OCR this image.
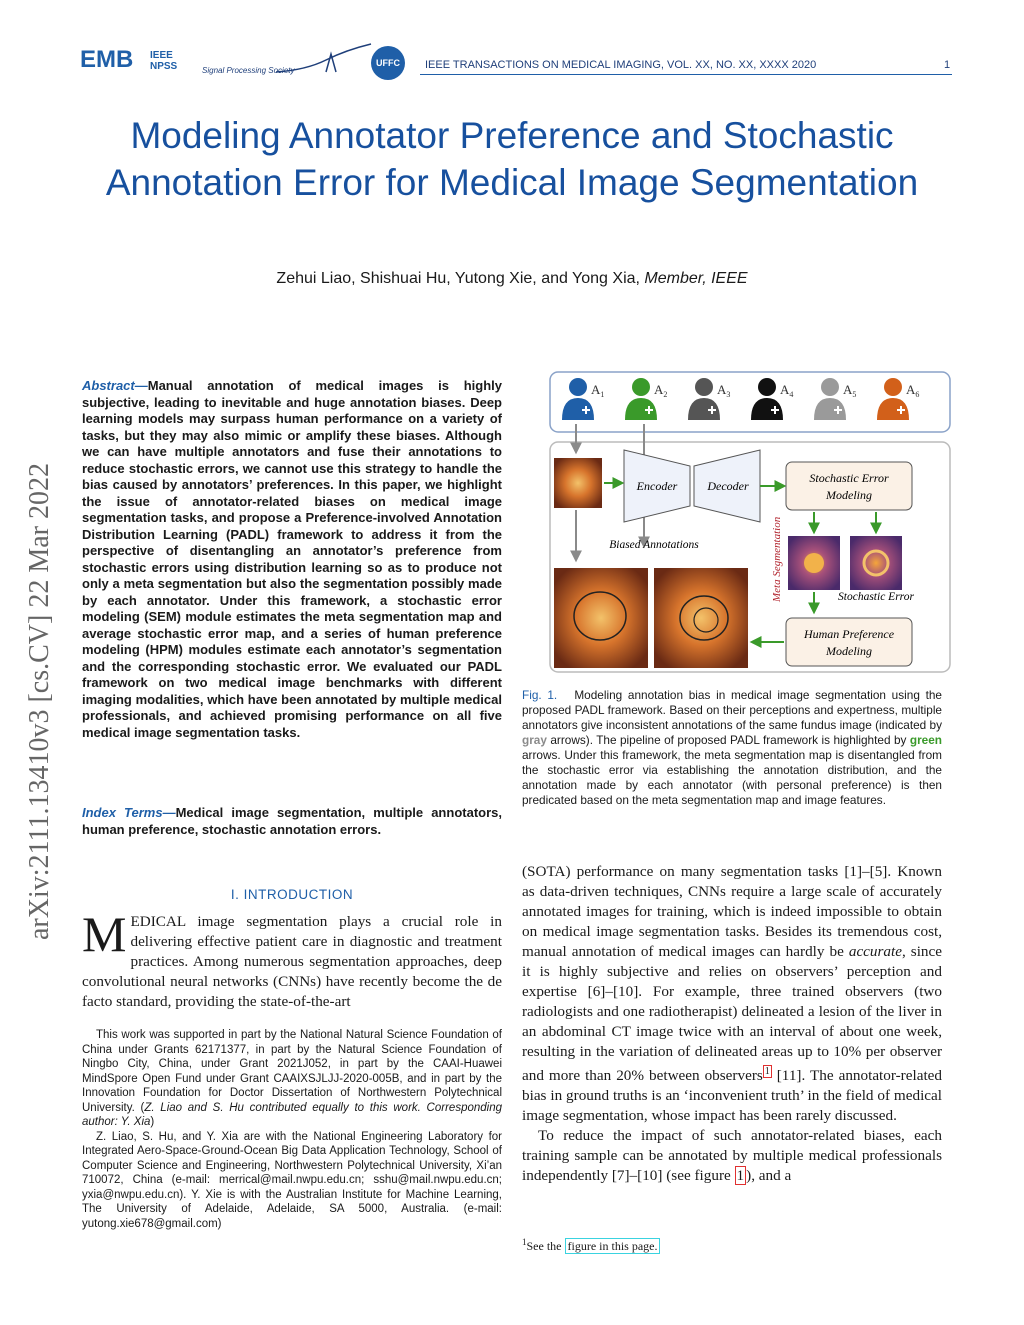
EMB IEEE NPSS	Signal Processing Society
UFFC	IEEE TRANSACTIONS ON MEDICAL IMAGING, VOL. XX, NO. XX, XXXX 2020	1
arXiv:2111.13410v3 [cs.CV] 22 Mar 2022
Modeling Annotator Preference and Stochastic Annotation Error for Medical Image Segmentation
Zehui Liao, Shishuai Hu, Yutong Xie, and Yong Xia, Member, IEEE
Abstract—Manual annotation of medical images is highly subjective, leading to inevitable and huge annotation biases. Deep learning models may surpass human performance on a variety of tasks, but they may also mimic or amplify these biases. Although we can have multiple annotators and fuse their annotations to reduce stochastic errors, we cannot use this strategy to handle the bias caused by annotators’ preferences. In this paper, we highlight the issue of annotator-related biases on medical image segmentation tasks, and propose a Preference-involved Annotation Distribution Learning (PADL) framework to address it from the perspective of disentangling an annotator’s preference from stochastic errors using distribution learning so as to produce not only a meta segmentation but also the segmentation possibly made by each annotator. Under this framework, a stochastic error modeling (SEM) module estimates the meta segmentation map and average stochastic error map, and a series of human preference modeling (HPM) modules estimate each annotator’s segmentation and the corresponding stochastic error. We evaluated our PADL framework on two medical image benchmarks with different imaging modalities, which have been annotated by multiple medical professionals, and achieved promising performance on all five medical image segmentation tasks.
Index Terms—Medical image segmentation, multiple annotators, human preference, stochastic annotation errors.
I. INTRODUCTION
MEDICAL image segmentation plays a crucial role in delivering effective patient care in diagnostic and treatment practices. Among numerous segmentation approaches, deep convolutional neural networks (CNNs) have recently become the de facto standard, providing the state-of-the-art

This work was supported in part by the National Natural Science Foundation of China under Grants 62171377, in part by the Natural Science Foundation of Ningbo City, China, under Grant 2021J052, in part by the CAAI-Huawei MindSpore Open Fund under Grant CAAIXSJLJJ-2020-005B, and in part by the Innovation Foundation for Doctor Dissertation of Northwestern Polytechnical University. (Z. Liao and S. Hu contributed equally to this work. Corresponding author: Y. Xia)

Z. Liao, S. Hu, and Y. Xia are with the National Engineering Laboratory for Integrated Aero-Space-Ground-Ocean Big Data Application Technology, School of Computer Science and Engineering, Northwestern Polytechnical University, Xi’an 710072, China (e-mail: merrical@mail.nwpu.edu.cn; sshu@mail.nwpu.edu.cn; yxia@nwpu.edu.cn). Y. Xie is with the Australian Institute for Machine Learning, The University of Adelaide, Adelaide, SA 5000, Australia. (e-mail: yutong.xie678@gmail.com)

(SOTA) performance on many segmentation tasks [1]–[5]. Known as data-driven techniques, CNNs require a large scale of accurately annotated images for training, which is indeed impossible to obtain on medical image segmentation tasks. Besides its tremendous cost, manual annotation of medical images can hardly be accurate, since it is highly subjective and relies on observers’ perception and expertise [6]–[10]. For example, three trained observers (two radiologists and one radiotherapist) delineated a lesion of the liver in an abdominal CT image twice with an interval of about one week, resulting in the variation of delineated areas up to 10% per observer and more than 20% between observers $^1$ [11]. The annotator-related bias in ground truths is an ‘inconvenient truth’ in the field of medical image segmentation, whose impact has been rarely discussed.

To reduce the impact of such annotator-related biases, each training sample can be annotated by multiple medical professionals independently [7]–[10] (see figure 1 ), and a

$^1$See the figure in this page.
$A_1$	$A_2$	$A_3$	$A_4$	$A_5$	$A_6$
Encoder	Decoder
Stochastic Error Modeling
Biased Annotations	Meta Segmentation	Stochastic Error
Human Preference Modeling
Fig. 1. Modeling annotation bias in medical image segmentation using the proposed PADL framework. Based on their perceptions and expertness, multiple annotators give inconsistent annotations of the same fundus image (indicated by gray arrows). The pipeline of proposed PADL framework is highlighted by green arrows. Under this framework, the meta segmentation map is disentangled from the stochastic error via establishing the annotation distribution, and the annotation made by each annotator (with personal preference) is then predicated based on the meta segmentation map and image features.
